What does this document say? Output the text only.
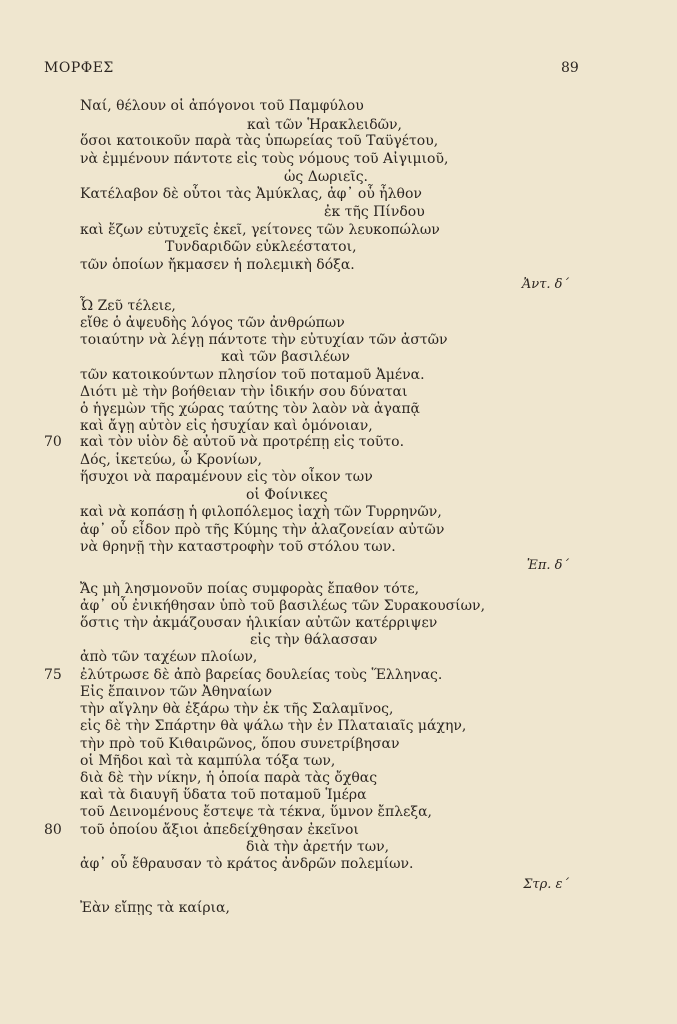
ΜΟΡΦΕΣ	89
Ναί, θέλουν οἱ ἀπόγονοι τοῦ Παμφύλου
καὶ τῶν Ἡρακλειδῶν,
ὅσοι κατοικοῦν παρὰ τὰς ὑπωρείας τοῦ Ταϋγέτου,
νὰ ἐμμένουν πάντοτε εἰς τοὺς νόμους τοῦ Αἰγιμιοῦ,
ὡς Δωριεῖς.
Κατέλαβον δὲ οὗτοι τὰς Ἀμύκλας, ἀφ᾽ οὗ ἦλθον
ἐκ τῆς Πίνδου
καὶ ἔζων εὐτυχεῖς ἐκεῖ, γείτονες τῶν λευκοπώλων
Τυνδαριδῶν εὐκλεέστατοι,
τῶν ὁποίων ἤκμασεν ἡ πολεμικὴ δόξα.
Ἀντ. δ´
Ὦ Ζεῦ τέλειε,
εἴθε ὁ ἀψευδὴς λόγος τῶν ἀνθρώπων
τοιαύτην νὰ λέγῃ πάντοτε τὴν εὐτυχίαν τῶν ἀστῶν
καὶ τῶν βασιλέων
τῶν κατοικούντων πλησίον τοῦ ποταμοῦ Ἀμένα.
Διότι μὲ τὴν βοήθειαν τὴν ἰδικήν σου δύναται
ὁ ἡγεμὼν τῆς χώρας ταύτης τὸν λαὸν νὰ ἀγαπᾷ
καὶ ἄγῃ αὐτὸν εἰς ἡσυχίαν καὶ ὁμόνοιαν,
70 καὶ τὸν υἱὸν δὲ αὐτοῦ νὰ προτρέπῃ εἰς τοῦτο.
Δός, ἱκετεύω, ὦ Κρονίων,
ἥσυχοι νὰ παραμένουν εἰς τὸν οἶκον των
οἱ Φοίνικες
καὶ νὰ κοπάσῃ ἡ φιλοπόλεμος ἰαχὴ τῶν Τυρρηνῶν,
ἀφ᾽ οὗ εἶδον πρὸ τῆς Κύμης τὴν ἀλαζονείαν αὐτῶν
νὰ θρηνῇ τὴν καταστροφὴν τοῦ στόλου των.
Ἐπ. δ´
Ἄς μὴ λησμονοῦν ποίας συμφορὰς ἔπαθον τότε,
ἀφ᾽ οὗ ἐνικήθησαν ὑπὸ τοῦ βασιλέως τῶν Συρακουσίων,
ὅστις τὴν ἀκμάζουσαν ἡλικίαν αὐτῶν κατέρριψεν
εἰς τὴν θάλασσαν
ἀπὸ τῶν ταχέων πλοίων,
75 ἐλύτρωσε δὲ ἀπὸ βαρείας δουλείας τοὺς Ἕλληνας.
Εἰς ἔπαινον τῶν Ἀθηναίων
τὴν αἴγλην θὰ ἐξάρω τὴν ἐκ τῆς Σαλαμῖνος,
εἰς δὲ τὴν Σπάρτην θὰ ψάλω τὴν ἐν Πλαταιαῖς μάχην,
τὴν πρὸ τοῦ Κιθαιρῶνος, ὅπου συνετρίβησαν
οἱ Μῆδοι καὶ τὰ καμπύλα τόξα των,
διὰ δὲ τὴν νίκην, ἡ ὁποία παρὰ τὰς ὄχθας
καὶ τὰ διαυγῆ ὕδατα τοῦ ποταμοῦ Ἱμέρα
τοῦ Δεινομένους ἔστεψε τὰ τέκνα, ὕμνον ἔπλεξα,
80 τοῦ ὁποίου ἄξιοι ἀπεδείχθησαν ἐκεῖνοι
διὰ τὴν ἀρετήν των,
ἀφ᾽ οὗ ἔθραυσαν τὸ κράτος ἀνδρῶν πολεμίων.
Στρ. ε´
Ἐὰν εἴπῃς τὰ καίρια,
